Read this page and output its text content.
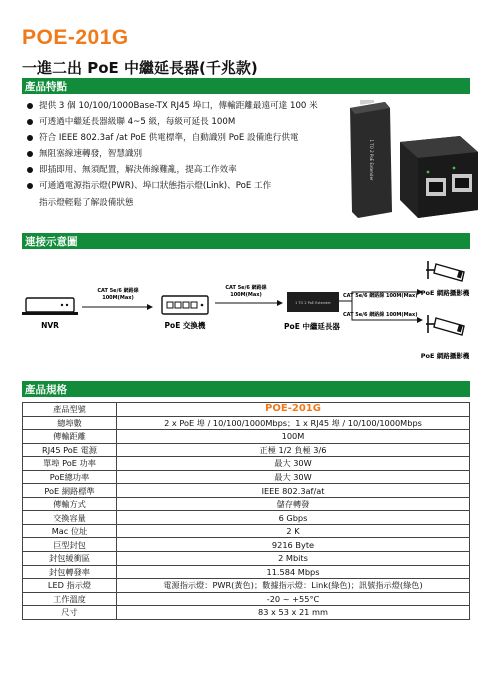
POE-201G
一進二出 PoE 中繼延長器(千兆款)
產品特點
提供 3 個 10/100/1000Base-TX RJ45 埠口，傳輸距離最遠可達 100 米
可透過中繼延長器級聯 4~5 級，每級可延長 100M
符合 IEEE 802.3af /at PoE 供電標準，自動識別 PoE 設備進行供電
無阻塞線速轉發，智慧識別
即插即用、無須配置，解決佈線難亂，提高工作效率
可通過電源指示燈(PWR)、埠口狀態指示燈(Link)、PoE 工作
指示燈輕鬆了解設備狀態
1 TO 2 PoE Extender
連接示意圖
NVR
CAT 5e/6 網路線
100M(Max)
PoE 交換機
CAT 5e/6 網路線
100M(Max)
1 TO 2 PoE Extender
PoE 中繼延長器
CAT 5e/6 網路線 100M(Max)
CAT 5e/6 網路線 100M(Max)
PoE 網路攝影機
PoE 網路攝影機
產品規格
產品型號	POE-201G
總埠數	2 x PoE 埠 / 10/100/1000Mbps；1 x RJ45 埠 / 10/100/1000Mbps
傳輸距離	100M
RJ45 PoE 電源	正極 1/2 負極 3/6
單埠 PoE 功率	最大 30W
PoE總功率	最大 30W
PoE 網路標準	IEEE 802.3af/at
傳輸方式	儲存轉發
交換容量	6 Gbps
Mac 位址	2 K
巨型封包	9216 Byte
封包緩衝區	2 Mbits
封包轉發率	11.584 Mbps
LED 指示燈	電源指示燈：PWR(黃色)；數據指示燈：Link(綠色)；訊號指示燈(綠色)
工作溫度	-20 ~ +55°C
尺寸	83 x 53 x 21 mm
